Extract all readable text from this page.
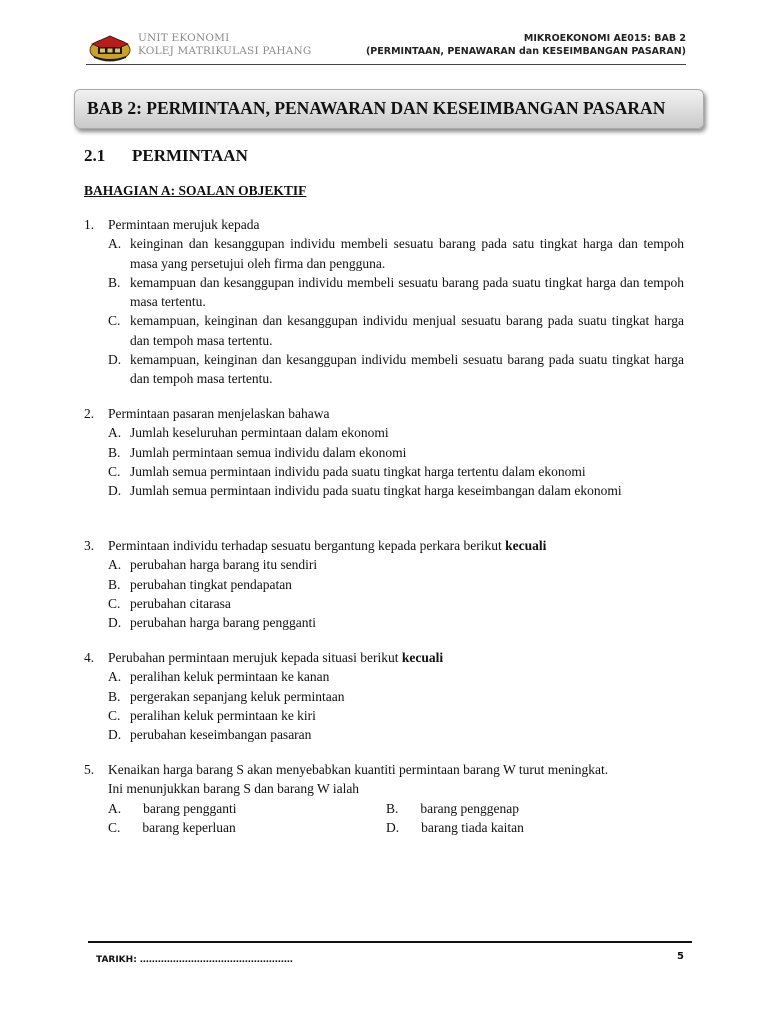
UNIT EKONOMI
KOLEJ MATRIKULASI PAHANG
MIKROEKONOMI AE015: BAB 2
(PERMINTAAN, PENAWARAN dan KESEIMBANGAN PASARAN)
BAB 2: PERMINTAAN, PENAWARAN DAN KESEIMBANGAN PASARAN
2.1 PERMINTAAN
BAHAGIAN A: SOALAN OBJEKTIF
1. Permintaan merujuk kepada
A. keinginan dan kesanggupan individu membeli sesuatu barang pada satu tingkat harga dan tempoh masa yang persetujui oleh firma dan pengguna.
B. kemampuan dan kesanggupan individu membeli sesuatu barang pada suatu tingkat harga dan tempoh masa tertentu.
C. kemampuan, keinginan dan kesanggupan individu menjual sesuatu barang pada suatu tingkat harga dan tempoh masa tertentu.
D. kemampuan, keinginan dan kesanggupan individu membeli sesuatu barang pada suatu tingkat harga dan tempoh masa tertentu.
2. Permintaan pasaran menjelaskan bahawa
A. Jumlah keseluruhan permintaan dalam ekonomi
B. Jumlah permintaan semua individu dalam ekonomi
C. Jumlah semua permintaan individu pada suatu tingkat harga tertentu dalam ekonomi
D. Jumlah semua permintaan individu pada suatu tingkat harga keseimbangan dalam ekonomi
3. Permintaan individu terhadap sesuatu bergantung kepada perkara berikut kecuali
A. perubahan harga barang itu sendiri
B. perubahan tingkat pendapatan
C. perubahan citarasa
D. perubahan harga barang pengganti
4. Perubahan permintaan merujuk kepada situasi berikut kecuali
A. peralihan keluk permintaan ke kanan
B. pergerakan sepanjang keluk permintaan
C. peralihan keluk permintaan ke kiri
D. perubahan keseimbangan pasaran
5. Kenaikan harga barang S akan menyebabkan kuantiti permintaan barang W turut meningkat.
Ini menunjukkan barang S dan barang W ialah
A. barang pengganti	B. barang penggenap
C. barang keperluan	D. barang tiada kaitan
TARIKH: ……………………………………………	5
